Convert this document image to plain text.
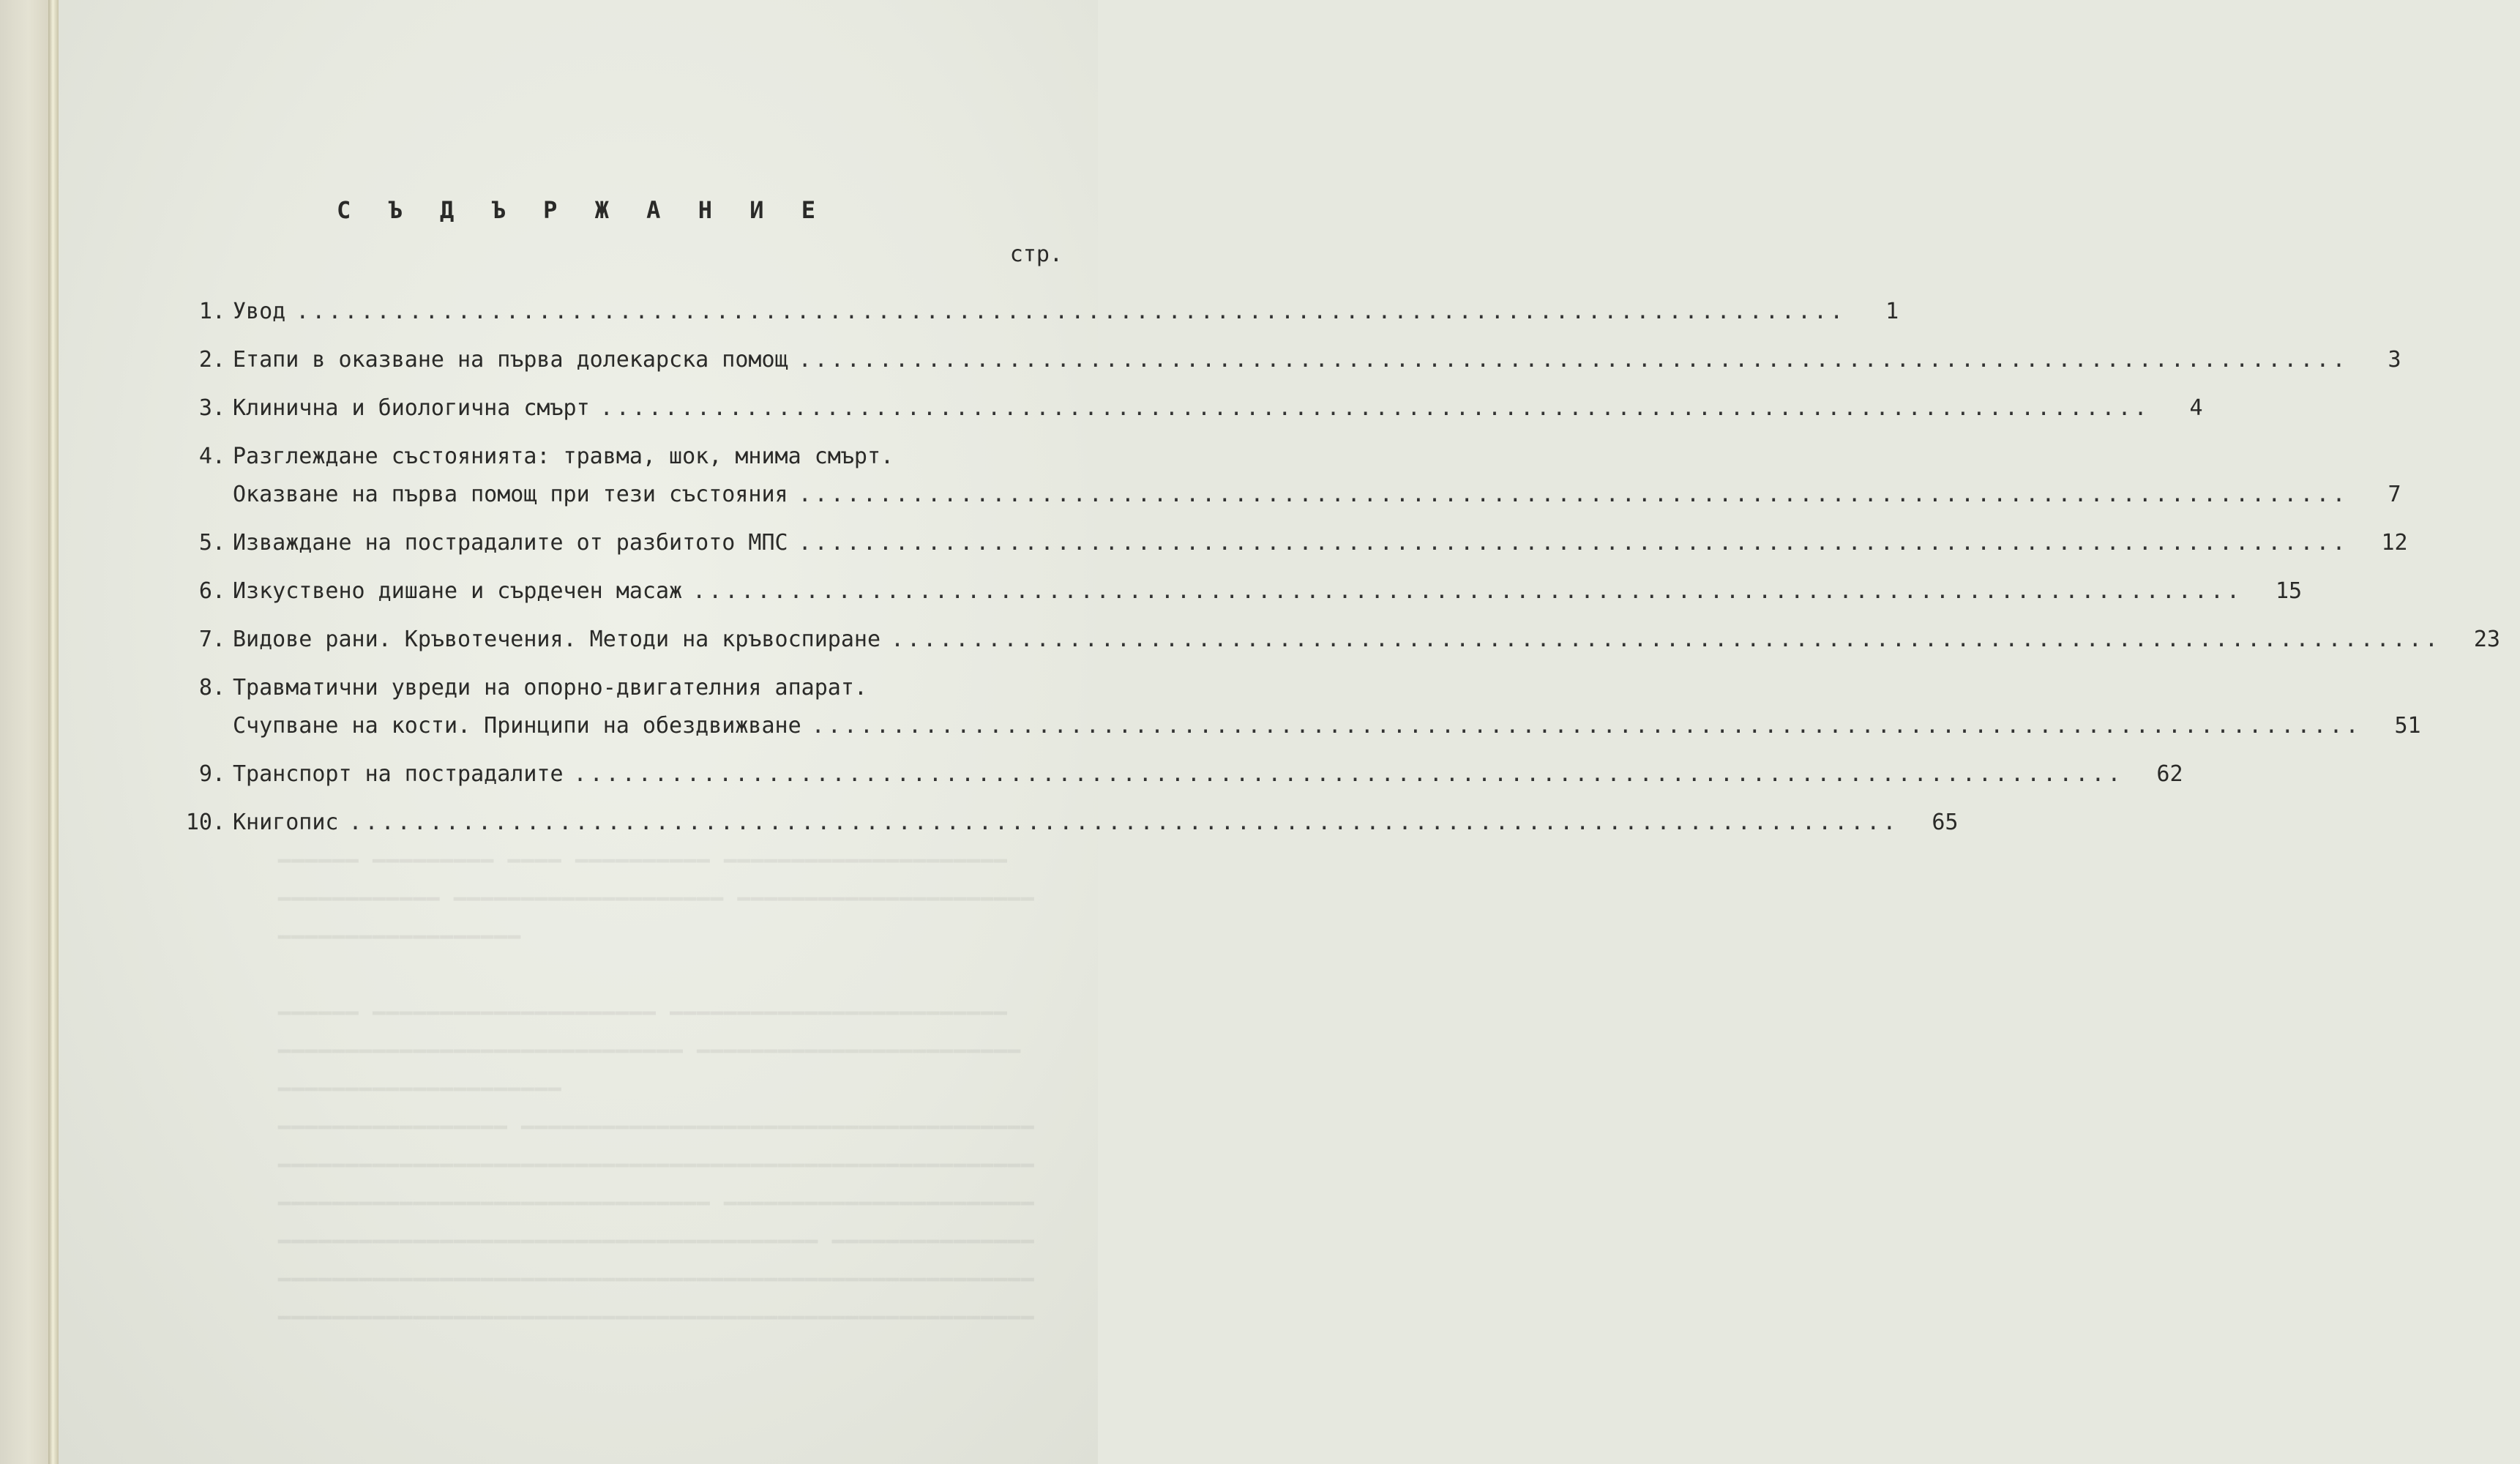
━━━━━━ ━━━━━━━━━ ━━━━ ━━━━━━━━━━ ━━━━━━━━━━━━━━━━━━━━━
━━━━━━━━━━━━ ━━━━━━━━━━━━━━━━━━━━ ━━━━━━━━━━━━━━━━━━━━━━
━━━━━━━━━━━━━━━━━━

━━━━━━ ━━━━━━━━━━━━━━━━━━━━━ ━━━━━━━━━━━━━━━━━━━━━━━━━
━━━━━━━━━━━━━━━━━━━━━━━━━━━━━━ ━━━━━━━━━━━━━━━━━━━━━━━━
━━━━━━━━━━━━━━━━━━━━━
━━━━━━━━━━━━━━━━━ ━━━━━━━━━━━━━━━━━━━━━━━━━━━━━━━━━━━━━━
━━━━━━━━━━━━━━━━━━━━━━━━━━━━━━━━━━━━━━━━━━━━━━━━━━━━━━━━
━━━━━━━━━━━━━━━━━━━━━━━━━━━━━━━━ ━━━━━━━━━━━━━━━━━━━━━━━
━━━━━━━━━━━━━━━━━━━━━━━━━━━━━━━━━━━━━━━━ ━━━━━━━━━━━━━━━
━━━━━━━━━━━━━━━━━━━━━━━━━━━━━━━━━━━━━━━━━━━━━━━━━━━━━━━━
━━━━━━━━━━━━━━━━━━━━━━━━━━━━━━━━━━━━━━━━━━━━━━━━━━━━━━━━
С Ъ Д Ъ Р Ж А Н И Е
стр.
1. Увод ................................................................................................	1
2. Етапи в оказване на първа долекарска помощ ................................................................................................	3
3. Клинична и биологична смърт ................................................................................................	4
4. Разглеждане състоянията: травма, шок, мнима смърт.
Оказване на първа помощ при тези състояния ................................................................................................	7
5. Изваждане на пострадалите от разбитото МПС ................................................................................................	12
6. Изкуствено дишане и сърдечен масаж ................................................................................................	15
7. Видове рани. Кръвотечения. Методи на кръвоспиране ................................................................................................	23
8. Травматични увреди на опорно-двигателния апарат.
Счупване на кости. Принципи на обездвижване ................................................................................................	51
9. Транспорт на пострадалите ................................................................................................	62
10. Книгопис ................................................................................................	65
